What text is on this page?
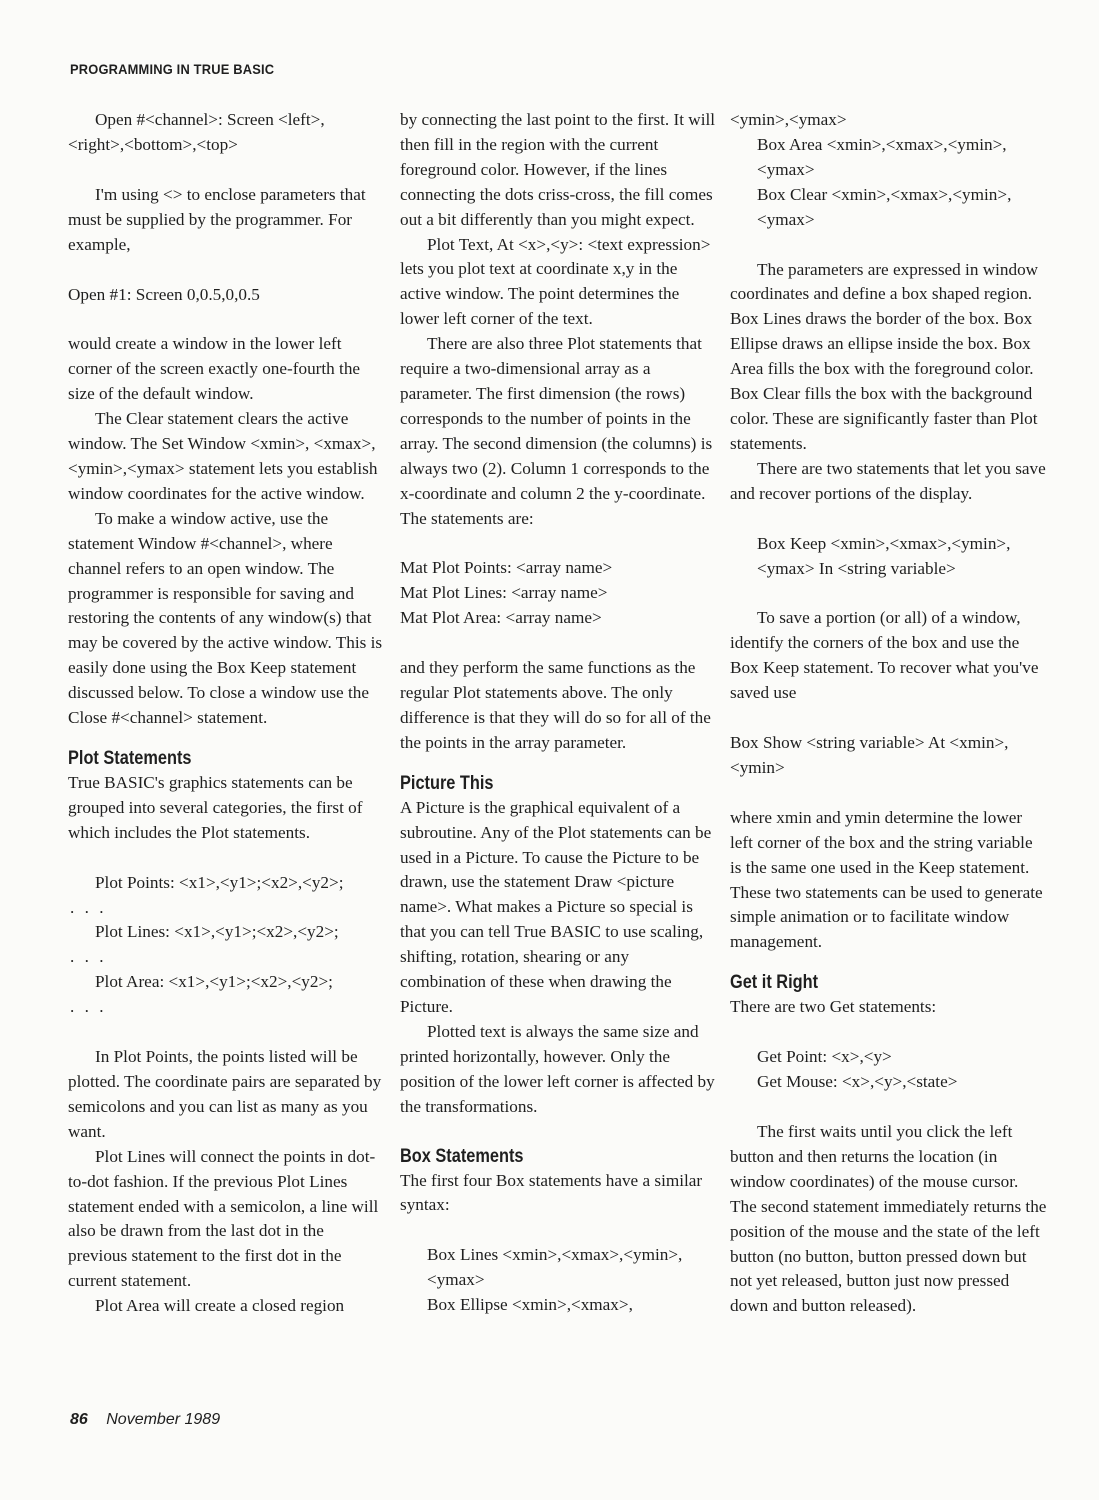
PROGRAMMING IN TRUE BASIC

Open #<channel>: Screen <left>,

<right>,<bottom>,<top>

I'm using <> to enclose parameters that must be supplied by the programmer. For example,

Open #1: Screen 0,0.5,0,0.5

would create a window in the lower left corner of the screen exactly one-fourth the size of the default window.

The Clear statement clears the active window. The Set Window <xmin>, <xmax>,<ymin>,<ymax> statement lets you establish window coordinates for the active window.

To make a window active, use the statement Window #<channel>, where channel refers to an open window. The programmer is responsible for saving and restoring the contents of any window(s) that may be covered by the active window. This is easily done using the Box Keep statement discussed below. To close a window use the Close #<channel> statement.

Plot Statements

True BASIC's graphics statements can be grouped into several categories, the first of which includes the Plot statements.

Plot Points: <x1>,<y1>;<x2>,<y2>;

. . .

Plot Lines: <x1>,<y1>;<x2>,<y2>;

. . .

Plot Area: <x1>,<y1>;<x2>,<y2>;

. . .

In Plot Points, the points listed will be plotted. The coordinate pairs are separated by semicolons and you can list as many as you want.

Plot Lines will connect the points in dot-to-dot fashion. If the previous Plot Lines statement ended with a semicolon, a line will also be drawn from the last dot in the previous statement to the first dot in the current statement.

Plot Area will create a closed region

by connecting the last point to the first. It will then fill in the region with the current foreground color. However, if the lines connecting the dots criss-cross, the fill comes out a bit differently than you might expect.

Plot Text, At <x>,<y>: <text expression> lets you plot text at coordinate x,y in the active window. The point determines the lower left corner of the text.

There are also three Plot statements that require a two-dimensional array as a parameter. The first dimension (the rows) corresponds to the number of points in the array. The second dimension (the columns) is always two (2). Column 1 corresponds to the x-coordinate and column 2 the y-coordinate. The statements are:

Mat Plot Points: <array name>

Mat Plot Lines: <array name>

Mat Plot Area: <array name>

and they perform the same functions as the regular Plot statements above. The only difference is that they will do so for all of the the points in the array parameter.

Picture This

A Picture is the graphical equivalent of a subroutine. Any of the Plot statements can be used in a Picture. To cause the Picture to be drawn, use the statement Draw <picture name>. What makes a Picture so special is that you can tell True BASIC to use scaling, shifting, rotation, shearing or any combination of these when drawing the Picture.

Plotted text is always the same size and printed horizontally, however. Only the position of the lower left corner is affected by the transformations.

Box Statements

The first four Box statements have a similar syntax:

Box Lines <xmin>,<xmax>,<ymin>, <ymax>

Box Ellipse <xmin>,<xmax>,

<ymin>,<ymax>

Box Area <xmin>,<xmax>,<ymin>, <ymax>

Box Clear <xmin>,<xmax>,<ymin>, <ymax>

The parameters are expressed in window coordinates and define a box shaped region. Box Lines draws the border of the box. Box Ellipse draws an ellipse inside the box. Box Area fills the box with the foreground color. Box Clear fills the box with the background color. These are significantly faster than Plot statements.

There are two statements that let you save and recover portions of the display.

Box Keep <xmin>,<xmax>,<ymin>, <ymax> In <string variable>

To save a portion (or all) of a window, identify the corners of the box and use the Box Keep statement. To recover what you've saved use

Box Show <string variable> At <xmin>, <ymin>

where xmin and ymin determine the lower left corner of the box and the string variable is the same one used in the Keep statement. These two statements can be used to generate simple animation or to facilitate window management.

Get it Right

There are two Get statements:

Get Point: <x>,<y>

Get Mouse: <x>,<y>,<state>

The first waits until you click the left button and then returns the location (in window coordinates) of the mouse cursor. The second statement immediately returns the position of the mouse and the state of the left button (no button, button pressed down but not yet released, button just now pressed down and button released).

86 November 1989
